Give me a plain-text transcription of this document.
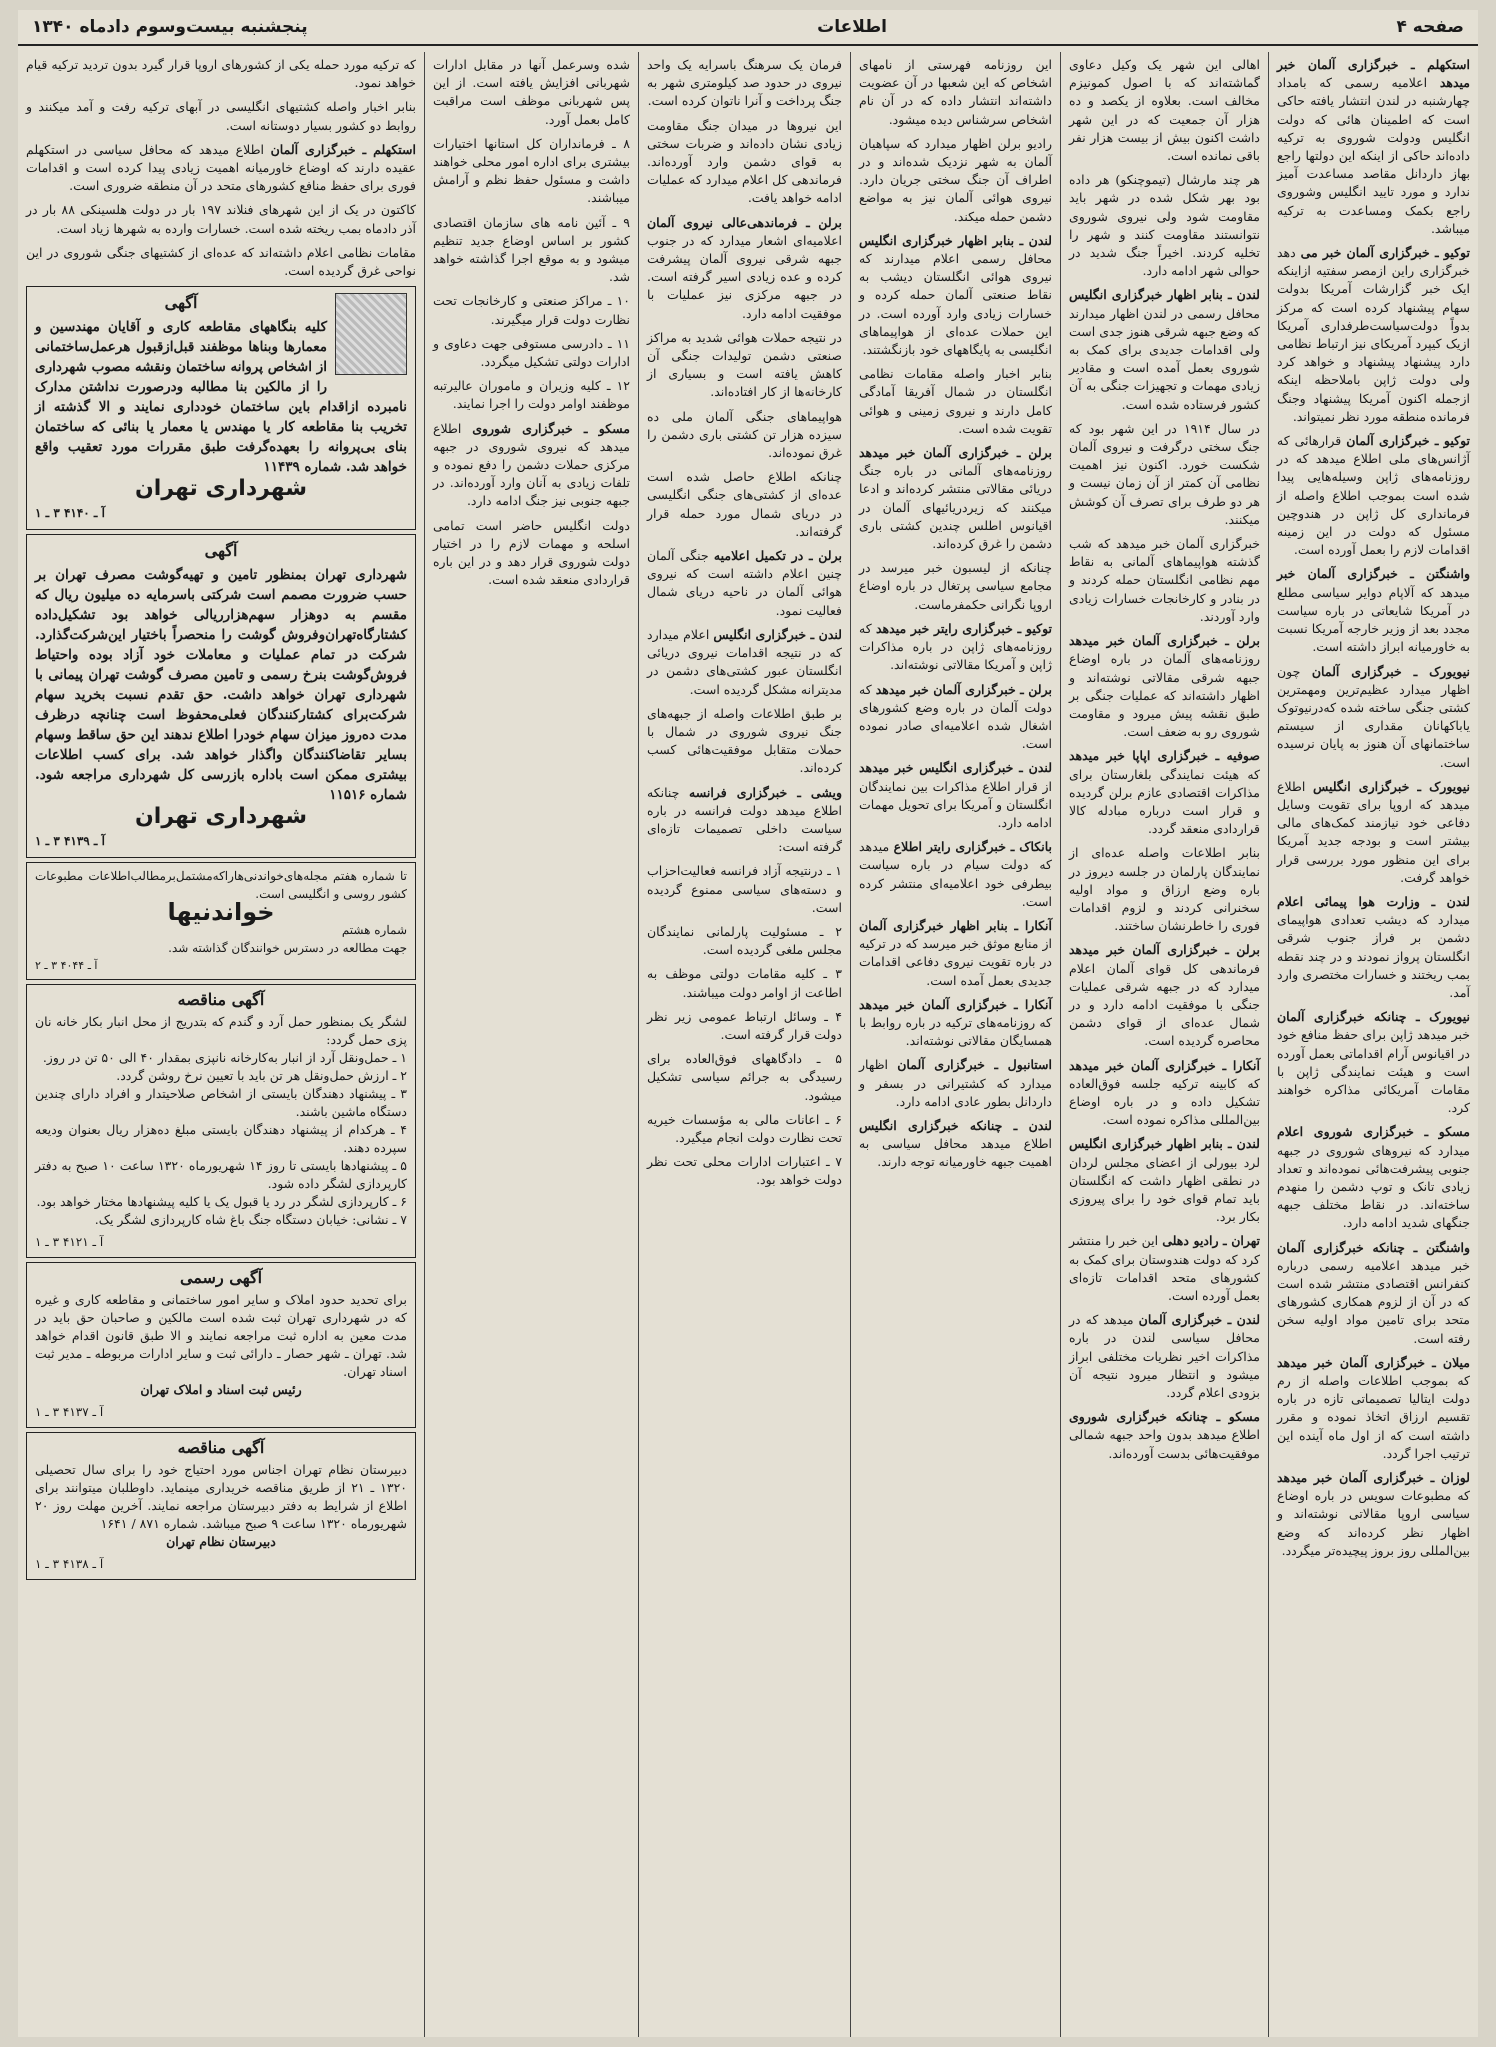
صفحه ۴
اطلاعات
پنجشنبه بیست‌وسوم دادماه ۱۳۴۰

استکهلم ـ خبرگزاری آلمان خبر میدهد اعلامیه رسمی که بامداد چهارشنبه در لندن انتشار یافته حاکی است که اطمینان هائی که دولت انگلیس ودولت شوروی به ترکیه داده‌اند حاکی از اینکه این دولتها راجع بهاز داردانل مقاصد مساعدت آمیز ندارد و مورد تایید انگلیس وشوروی راجع بکمک ومساعدت به ترکیه میباشد.

توکیو ـ خبرگزاری آلمان خبر می دهد خبرگزاری راین ازمصر سفتیه ازاینکه ایک خبر گزارشات آمریکا بدولت سهام پیشنهاد کرده است که مرکز بدواً دولت‌سیاست‌طرفداری آمریکا ازیک کیپرد آمریکای نیز ارتباط نظامی دارد پیشنهاد پیشنهاد و خواهد کرد ولی دولت ژاپن باملاحظه اینکه ازجمله اکنون آمریکا پیشنهاد وجنگ فرمانده منطقه مورد نظر نمیتواند.

توکیو ـ خبرگزاری آلمان قرارهائی که آژانس‌های ملی اطلاع میدهد که در روزنامه‌های ژاپن وسیله‌هایی پیدا شده است بموجب اطلاع واصله از فرمانداری کل ژاپن در هندوچین مسئول که دولت در این زمینه اقدامات لازم را بعمل آورده است.

واشنگتن ـ خبرگزاری آلمان خبر میدهد که آلاپام دوایر سیاسی مطلع در آمریکا شایعاتی در باره سیاست مجدد بعد از وزیر خارجه آمریکا نسبت به خاورمیانه ابراز داشته است.

نیویورک ـ خبرگزاری آلمان چون اظهار میدارد عظیم‌ترین ومهمترین کشتی جنگی ساخته شده که‌درنیوتوک یاباکهانان مقداری از سیستم ساختمانهای آن هنوز به پایان نرسیده است.

نیویورک ـ خبرگزاری انگلیس اطلاع میدهد که اروپا برای تقویت وسایل دفاعی خود نیازمند کمک‌های مالی بیشتر است و بودجه جدید آمریکا برای این منظور مورد بررسی قرار خواهد گرفت.

لندن ـ وزارت هوا پیمائی اعلام میدارد که دیشب تعدادی هواپیمای دشمن بر فراز جنوب شرقی انگلستان پرواز نمودند و در چند نقطه بمب ریختند و خسارات مختصری وارد آمد.

نیویورک ـ چنانکه خبرگزاری آلمان خبر میدهد ژاپن برای حفظ منافع خود در اقیانوس آرام اقداماتی بعمل آورده است و هیئت نمایندگی ژاپن با مقامات آمریکائی مذاکره خواهند کرد.

مسکو ـ خبرگزاری شوروی اعلام میدارد که نیروهای شوروی در جبهه جنوبی پیشرفت‌هائی نموده‌اند و تعداد زیادی تانک و توپ دشمن را منهدم ساخته‌اند. در نقاط مختلف جبهه جنگهای شدید ادامه دارد.

واشنگتن ـ چنانکه خبرگزاری آلمان خبر میدهد اعلامیه رسمی درباره کنفرانس اقتصادی منتشر شده است که در آن از لزوم همکاری کشورهای متحد برای تامین مواد اولیه سخن رفته است.

میلان ـ خبرگزاری آلمان خبر میدهد که بموجب اطلاعات واصله از رم دولت ایتالیا تصمیماتی تازه در باره تقسیم ارزاق اتخاذ نموده و مقرر داشته است که از اول ماه آینده این ترتیب اجرا گردد.

لوزان ـ خبرگزاری آلمان خبر میدهد که مطبوعات سویس در باره اوضاع سیاسی اروپا مقالاتی نوشته‌اند و اظهار نظر کرده‌اند که وضع بین‌المللی روز بروز پیچیده‌تر میگردد.

اهالی این شهر یک وکیل دعاوی گماشته‌اند که با اصول کمونیزم مخالف است. بعلاوه از یکصد و ده هزار آن جمعیت که در این شهر داشت اکنون بیش از بیست هزار نفر باقی نمانده است.

هر چند مارشال (تیموچنکو) هر داده بود بهر شکل شده در شهر باید مقاومت شود ولی نیروی شوروی نتوانستند مقاومت کنند و شهر را تخلیه کردند. اخیراً جنگ شدید در حوالی شهر ادامه دارد.

لندن ـ بنابر اظهار خبرگزاری انگلیس محافل رسمی در لندن اظهار میدارند که وضع جبهه شرقی هنوز جدی است ولی اقدامات جدیدی برای کمک به شوروی بعمل آمده است و مقادیر زیادی مهمات و تجهیزات جنگی به آن کشور فرستاده شده است.

در سال ۱۹۱۴ در این شهر بود که جنگ سختی درگرفت و نیروی آلمان شکست خورد. اکنون نیز اهمیت نظامی آن کمتر از آن زمان نیست و هر دو طرف برای تصرف آن کوشش میکنند.

خبرگزاری آلمان خبر میدهد که شب گذشته هواپیماهای آلمانی به نقاط مهم نظامی انگلستان حمله کردند و در بنادر و کارخانجات خسارات زیادی وارد آوردند.

برلن ـ خبرگزاری آلمان خبر میدهد روزنامه‌های آلمان در باره اوضاع جبهه شرقی مقالاتی نوشته‌اند و اظهار داشته‌اند که عملیات جنگی بر طبق نقشه پیش میرود و مقاومت شوروی رو به ضعف است.

صوفیه ـ خبرگزاری اپاپا خبر میدهد که هیئت نمایندگی بلغارستان برای مذاکرات اقتصادی عازم برلن گردیده و قرار است درباره مبادله کالا قراردادی منعقد گردد.

بنابر اطلاعات واصله عده‌ای از نمایندگان پارلمان در جلسه دیروز در باره وضع ارزاق و مواد اولیه سخنرانی کردند و لزوم اقدامات فوری را خاطرنشان ساختند.

برلن ـ خبرگزاری آلمان خبر میدهد فرماندهی کل قوای آلمان اعلام میدارد که در جبهه شرقی عملیات جنگی با موفقیت ادامه دارد و در شمال عده‌ای از قوای دشمن محاصره گردیده است.

آنکارا ـ خبرگزاری آلمان خبر میدهد که کابینه ترکیه جلسه فوق‌العاده تشکیل داده و در باره اوضاع بین‌المللی مذاکره نموده است.

لندن ـ بنابر اظهار خبرگزاری انگلیس لرد بیورلی از اعضای مجلس لردان در نطقی اظهار داشت که انگلستان باید تمام قوای خود را برای پیروزی بکار برد.

تهران ـ رادیو دهلی این خبر را منتشر کرد که دولت هندوستان برای کمک به کشورهای متحد اقدامات تازه‌ای بعمل آورده است.

لندن ـ خبرگزاری آلمان میدهد که در محافل سیاسی لندن در باره مذاکرات اخیر نظریات مختلفی ابراز میشود و انتظار میرود نتیجه آن بزودی اعلام گردد.

مسکو ـ چنانکه خبرگزاری شوروی اطلاع میدهد بدون واحد جبهه شمالی موفقیت‌هائی بدست آورده‌اند.

این روزنامه فهرستی از نامهای اشخاص که این شعبها در آن عضویت داشته‌اند انتشار داده که در آن نام اشخاص سرشناس دیده میشود.

رادیو برلن اظهار میدارد که سپاهیان آلمان به شهر نزدیک شده‌اند و در اطراف آن جنگ سختی جریان دارد. نیروی هوائی آلمان نیز به مواضع دشمن حمله میکند.

لندن ـ بنابر اظهار خبرگزاری انگلیس محافل رسمی اعلام میدارند که نیروی هوائی انگلستان دیشب به نقاط صنعتی آلمان حمله کرده و خسارات زیادی وارد آورده است. در این حملات عده‌ای از هواپیماهای انگلیسی به پایگاههای خود بازنگشتند.

بنابر اخبار واصله مقامات نظامی انگلستان در شمال آفریقا آمادگی کامل دارند و نیروی زمینی و هوائی تقویت شده است.

برلن ـ خبرگزاری آلمان خبر میدهد روزنامه‌های آلمانی در باره جنگ دریائی مقالاتی منتشر کرده‌اند و ادعا میکنند که زیردریائیهای آلمان در اقیانوس اطلس چندین کشتی باری دشمن را غرق کرده‌اند.

چنانکه از لیسبون خبر میرسد در مجامع سیاسی پرتغال در باره اوضاع اروپا نگرانی حکمفرماست.

توکیو ـ خبرگزاری رایتر خبر میدهد که روزنامه‌های ژاپن در باره مذاکرات ژاپن و آمریکا مقالاتی نوشته‌اند.

برلن ـ خبرگزاری آلمان خبر میدهد که دولت آلمان در باره وضع کشورهای اشغال شده اعلامیه‌ای صادر نموده است.

لندن ـ خبرگزاری انگلیس خبر میدهد از قرار اطلاع مذاکرات بین نمایندگان انگلستان و آمریکا برای تحویل مهمات ادامه دارد.

بانکاک ـ خبرگزاری رایتر اطلاع میدهد که دولت سیام در باره سیاست بیطرفی خود اعلامیه‌ای منتشر کرده است.

آنکارا ـ بنابر اظهار خبرگزاری آلمان از منابع موثق خبر میرسد که در ترکیه در باره تقویت نیروی دفاعی اقدامات جدیدی بعمل آمده است.

آنکارا ـ خبرگزاری آلمان خبر میدهد که روزنامه‌های ترکیه در باره روابط با همسایگان مقالاتی نوشته‌اند.

استانبول ـ خبرگزاری آلمان اظهار میدارد که کشتیرانی در بسفر و داردانل بطور عادی ادامه دارد.

لندن ـ چنانکه خبرگزاری انگلیس اطلاع میدهد محافل سیاسی به اهمیت جبهه خاورمیانه توجه دارند.

فرمان یک سرهنگ باسرایه یک واحد نیروی در حدود صد کیلومتری شهر به جنگ پرداخت و آنرا ناتوان کرده است.

این نیروها در میدان جنگ مقاومت زیادی نشان داده‌اند و ضربات سختی به قوای دشمن وارد آورده‌اند. فرماندهی کل اعلام میدارد که عملیات ادامه خواهد یافت.

برلن ـ فرماندهی‌عالی نیروی آلمان اعلامیه‌ای اشعار میدارد که در جنوب جبهه شرقی نیروی آلمان پیشرفت کرده و عده زیادی اسیر گرفته است. در جبهه مرکزی نیز عملیات با موفقیت ادامه دارد.

در نتیجه حملات هوائی شدید به مراکز صنعتی دشمن تولیدات جنگی آن کاهش یافته است و بسیاری از کارخانه‌ها از کار افتاده‌اند.

هواپیماهای جنگی آلمان ملی ده سیزده هزار تن کشتی باری دشمن را غرق نموده‌اند.

چنانکه اطلاع حاصل شده است عده‌ای از کشتی‌های جنگی انگلیسی در دریای شمال مورد حمله قرار گرفته‌اند.

برلن ـ در تکمیل اعلامیه جنگی آلمان چنین اعلام داشته است که نیروی هوائی آلمان در ناحیه دریای شمال فعالیت نمود.

لندن ـ خبرگزاری انگلیس اعلام میدارد که در نتیجه اقدامات نیروی دریائی انگلستان عبور کشتی‌های دشمن در مدیترانه مشکل گردیده است.

بر طبق اطلاعات واصله از جبهه‌های جنگ نیروی شوروی در شمال با حملات متقابل موفقیت‌هائی کسب کرده‌اند.

ویشی ـ خبرگزاری فرانسه چنانکه اطلاع میدهد دولت فرانسه در باره سیاست داخلی تصمیمات تازه‌ای گرفته است:

۱ ـ درنتیجه آزاد فرانسه فعالیت‌احزاب و دسته‌های سیاسی ممنوع گردیده است.

۲ ـ مسئولیت پارلمانی نمایندگان مجلس ملغی گردیده است.

۳ ـ کلیه مقامات دولتی موظف به اطاعت از اوامر دولت میباشند.

۴ ـ وسائل ارتباط عمومی زیر نظر دولت قرار گرفته است.

۵ ـ دادگاههای فوق‌العاده برای رسیدگی به جرائم سیاسی تشکیل میشود.

۶ ـ اعانات مالی به مؤسسات خیریه تحت نظارت دولت انجام میگیرد.

۷ ـ اعتبارات ادارات محلی تحت نظر دولت خواهد بود.

شده وسرعمل آنها در مقابل ادارات شهربانی افزایش یافته است. از این پس شهربانی موظف است مراقبت کامل بعمل آورد.

۸ ـ فرمانداران کل استانها اختیارات بیشتری برای اداره امور محلی خواهند داشت و مسئول حفظ نظم و آرامش میباشند.

۹ ـ آئین نامه های سازمان اقتصادی کشور بر اساس اوضاع جدید تنظیم میشود و به موقع اجرا گذاشته خواهد شد.

۱۰ ـ مراکز صنعتی و کارخانجات تحت نظارت دولت قرار میگیرند.

۱۱ ـ دادرسی مستوفی جهت دعاوی و ادارات دولتی تشکیل میگردد.

۱۲ ـ کلیه وزیران و ماموران عالیرتبه موظفند اوامر دولت را اجرا نمایند.

مسکو ـ خبرگزاری شوروی اطلاع میدهد که نیروی شوروی در جبهه مرکزی حملات دشمن را دفع نموده و تلفات زیادی به آنان وارد آورده‌اند. در جبهه جنوبی نیز جنگ ادامه دارد.

دولت انگلیس حاضر است تمامی اسلحه و مهمات لازم را در اختیار دولت شوروی قرار دهد و در این باره قراردادی منعقد شده است.

که ترکیه مورد حمله یکی از کشورهای اروپا قرار گیرد بدون تردید ترکیه قیام خواهد نمود.

بنابر اخبار واصله کشتیهای انگلیسی در آبهای ترکیه رفت و آمد میکنند و روابط دو کشور بسیار دوستانه است.

استکهلم ـ خبرگزاری آلمان اطلاع میدهد که محافل سیاسی در استکهلم عقیده دارند که اوضاع خاورمیانه اهمیت زیادی پیدا کرده است و اقدامات فوری برای حفظ منافع کشورهای متحد در آن منطقه ضروری است.

کاکتون در یک از این شهرهای فنلاند ۱۹۷ بار در دولت هلسینکی ۸۸ بار در آذر دادماه بمب ریخته شده است. خسارات وارده به شهرها زیاد است.

مقامات نظامی اعلام داشته‌اند که عده‌ای از کشتیهای جنگی شوروی در این نواحی غرق گردیده است.

آگهی
کلیه بنگاههای مقاطعه کاری و آقایان مهندسین و معمارها وبناها موظفند قبل‌ازقبول هرعمل‌ساختمانی از اشخاص پروانه ساختمان ونقشه مصوب شهرداری را از مالکین بنا مطالبه ودرصورت نداشتن مدارک نامبرده ازاقدام باین ساختمان خودداری نمایند و الا گذشته از تخریب بنا مقاطعه کار یا مهندس یا معمار یا بنائی که ساختمان بنای بی‌پروانه را بعهده‌گرفت طبق مقررات مورد تعقیب واقع خواهد شد. شماره ۱۱۴۳۹
شهرداری تهران
آ ـ ۴۱۴۰ ۳ ـ ۱
آگهی
شهرداری تهران بمنظور تامین و تهیه‌گوشت مصرف تهران بر حسب ضرورت مصمم است شرکتی باسرمایه ده میلیون ریال که مقسم به دوهزار سهم‌هزارریالی خواهد بود تشکیل‌داده کشتارگاه‌تهران‌وفروش گوشت را منحصراً باختیار این‌شرکت‌گذارد. شرکت در تمام عملیات و معاملات خود آزاد بوده واحتیاط فروش‌گوشت بنرخ رسمی و تامین مصرف گوشت تهران پیمانی با شهرداری تهران خواهد داشت. حق تقدم نسبت بخرید سهام شرکت‌برای کشتارکنندگان فعلی‌محفوظ است چنانچه درظرف مدت ده‌روز میزان سهام خودرا اطلاع ندهند این حق ساقط وسهام بسایر تقاضاکنندگان واگذار خواهد شد. برای کسب اطلاعات بیشتری ممکن است باداره بازرسی کل شهرداری مراجعه شود. شماره ۱۱۵۱۶
شهرداری تهران
آ ـ ۴۱۳۹ ۳ ـ ۱
تا شماره هفتم مجله‌های‌خواندنی‌ها‌راکه‌مشتمل‌برمطالب‌اطلاعات مطبوعات کشور روسی و انگلیسی است.
خواندنیها
شماره هشتم
جهت مطالعه در دسترس خوانندگان گذاشته شد.
آ ـ ۴۰۴۴ ۳ ـ ۲
آگهی مناقصه
لشگر یک بمنظور حمل آرد و گندم که بتدریج از محل انبار بکار خانه نان پزی حمل گردد:
۱ ـ حمل‌ونقل آرد از انبار به‌کارخانه نانپزی بمقدار ۴۰ الی ۵۰ تن در روز.
۲ ـ ارزش حمل‌ونقل هر تن باید با تعیین نرخ روشن گردد.
۳ ـ پیشنهاد دهندگان بایستی از اشخاص صلاحیتدار و افراد دارای چندین دستگاه ماشین باشند.
۴ ـ هرکدام از پیشنهاد دهندگان بایستی مبلغ ده‌هزار ریال بعنوان ودیعه سپرده دهند.
۵ ـ پیشنهادها بایستی تا روز ۱۴ شهریورماه ۱۳۲۰ ساعت ۱۰ صبح به دفتر کارپردازی لشگر داده شود.
۶ ـ کارپردازی لشگر در رد یا قبول یک یا کلیه پیشنهادها مختار خواهد بود.
۷ ـ نشانی: خیابان دستگاه جنگ باغ شاه کارپردازی لشگر یک.
آ ـ ۴۱۲۱ ۳ ـ ۱
آگهی رسمی
برای تحدید حدود املاک و سایر امور ساختمانی و مقاطعه کاری و غیره که در شهرداری تهران ثبت شده است مالکین و صاحبان حق باید در مدت معین به اداره ثبت مراجعه نمایند و الا طبق قانون اقدام خواهد شد. تهران ـ شهر حصار ـ دارائی ثبت و سایر ادارات مربوطه ـ مدیر ثبت اسناد تهران.
رئیس ثبت اسناد و املاک تهران
آ ـ ۴۱۳۷ ۳ ـ ۱
آگهی مناقصه
دبیرستان نظام تهران اجناس مورد احتیاج خود را برای سال تحصیلی ۱۳۲۰ ـ ۲۱ از طریق مناقصه خریداری مینماید. داوطلبان میتوانند برای اطلاع از شرایط به دفتر دبیرستان مراجعه نمایند. آخرین مهلت روز ۲۰ شهریورماه ۱۳۲۰ ساعت ۹ صبح میباشد. شماره ۸۷۱ / ۱۶۴۱
دبیرستان نظام تهران
آ ـ ۴۱۳۸ ۳ ـ ۱
